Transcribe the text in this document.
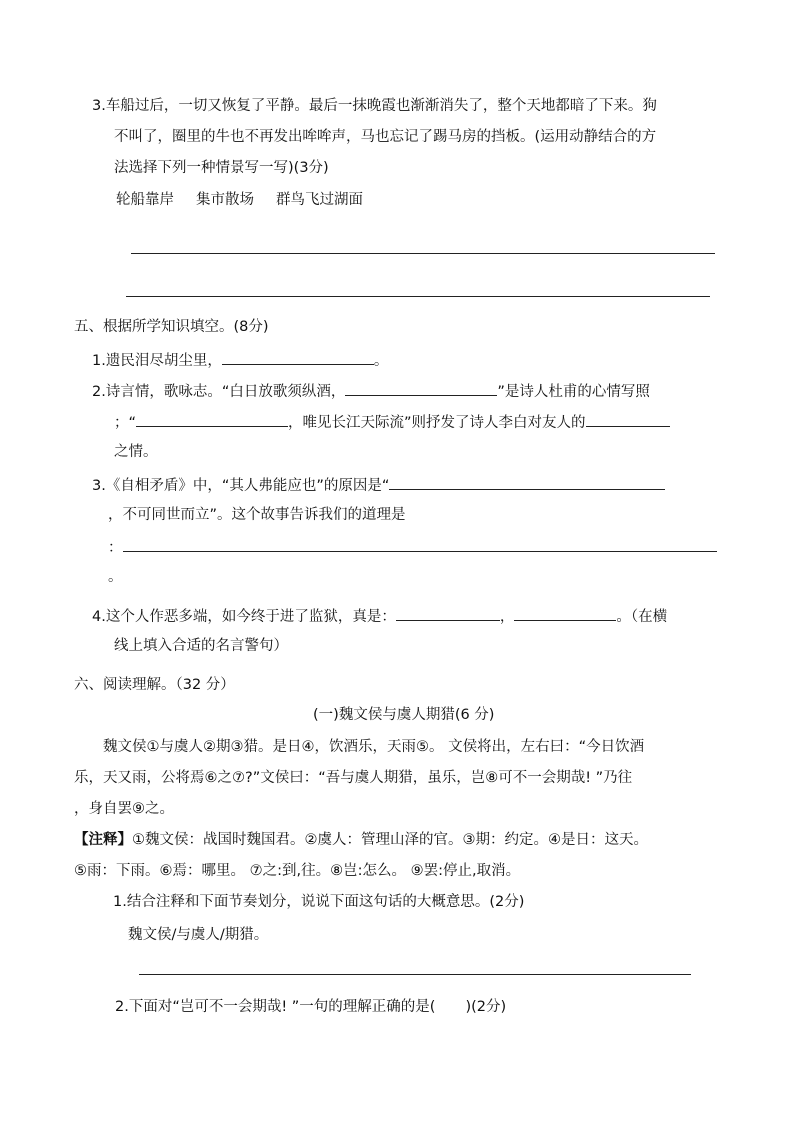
3.车船过后，一切又恢复了平静。最后一抹晚霞也渐渐消失了，整个天地都暗了下来。狗
不叫了，圈里的牛也不再发出哞哞声，马也忘记了踢马房的挡板。(运用动静结合的方
法选择下列一种情景写一写)(3分)
轮船靠岸 集市散场 群鸟飞过湖面
五、根据所学知识填空。(8分)
1.遗民泪尽胡尘里，	。
2.诗言情，歌咏志。“白日放歌须纵酒，	”是诗人杜甫的心情写照
；“	，唯见长江天际流”则抒发了诗人李白对友人的
之情。
3.《自相矛盾》中，“其人弗能应也”的原因是“
，不可同世而立”。这个故事告诉我们的道理是
：
。
4.这个人作恶多端，如今终于进了监狱，真是：	，	。（在横
线上填入合适的名言警句）
六、阅读理解。（32 分）
(一)魏文侯与虞人期猎(6 分)
魏文侯①与虞人②期③猎。是日④，饮酒乐，天雨⑤。 文侯将出，左右曰：“今日饮酒
乐，天又雨，公将焉⑥之⑦?”文侯曰：“吾与虞人期猎，虽乐，岂⑧可不一会期哉! ”乃往
，身自罢⑨之。
【注释】①魏文侯：战国时魏国君。②虞人：管理山泽的官。③期：约定。④是日：这天。
⑤雨：下雨。⑥焉：哪里。 ⑦之:到,往。⑧岂:怎么。 ⑨罢:停止,取消。
1.结合注释和下面节奏划分，说说下面这句话的大概意思。(2分)
魏文侯/与虞人/期猎。
2.下面对“岂可不一会期哉! ”一句的理解正确的是( )(2分)
